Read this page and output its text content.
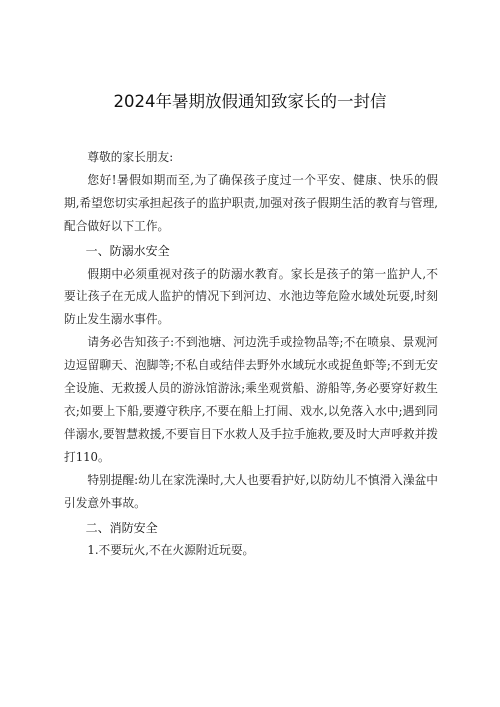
2024年暑期放假通知致家长的一封信

尊敬的家长朋友:

您好!暑假如期而至,为了确保孩子度过一个平安、健康、快乐的假期,希望您切实承担起孩子的监护职责,加强对孩子假期生活的教育与管理,配合做好以下工作。

一、防溺水安全

假期中必须重视对孩子的防溺水教育。家长是孩子的第一监护人,不要让孩子在无成人监护的情况下到河边、水池边等危险水域处玩耍,时刻防止发生溺水事件。

请务必告知孩子:不到池塘、河边洗手或捡物品等;不在喷泉、景观河边逗留聊天、泡脚等;不私自或结伴去野外水域玩水或捉鱼虾等;不到无安全设施、无救援人员的游泳馆游泳;乘坐观赏船、游船等,务必要穿好救生衣;如要上下船,要遵守秩序,不要在船上打闹、戏水,以免落入水中;遇到同伴溺水,要智慧救援,不要盲目下水救人及手拉手施救,要及时大声呼救并拨打110。

特别提醒:幼儿在家洗澡时,大人也要看护好,以防幼儿不慎滑入澡盆中引发意外事故。

二、消防安全

1.不要玩火,不在火源附近玩耍。
